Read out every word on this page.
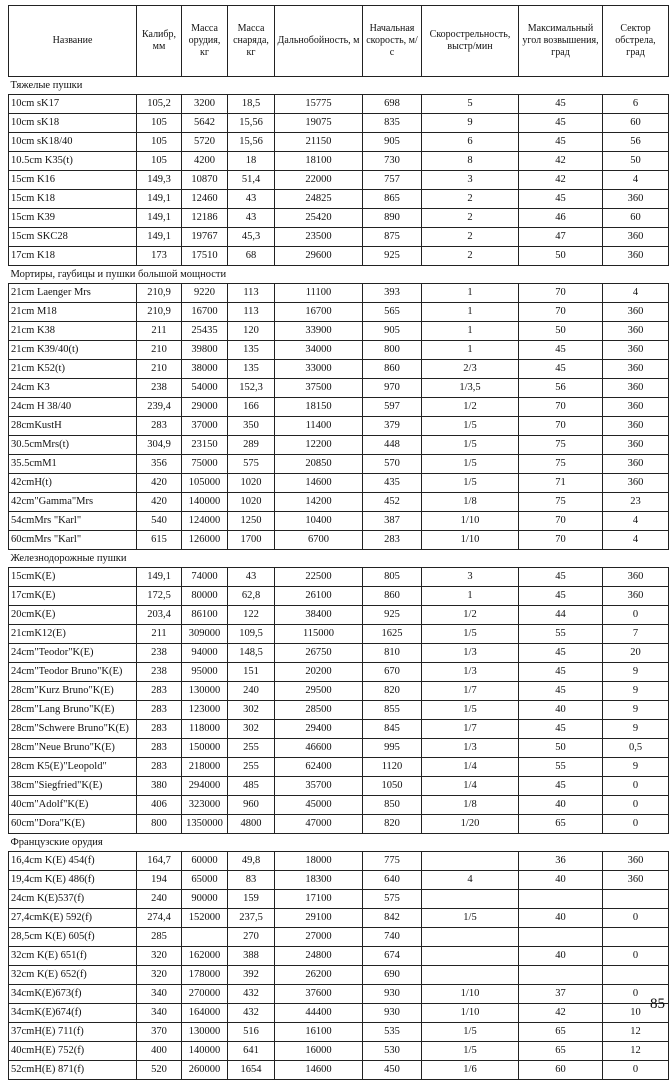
Название	Калибр, мм	Масса орудия, кг	Масса снаряда, кг	Дальнобойность, м	Начальная скорость, м/с	Скорострельность, выстр/мин	Максимальный угол возвышения, град	Сектор обстрела, град
Тяжелые пушки								
10cm sK17	105,2	3200	18,5	15775	698	5	45	6
10cm sK18	105	5642	15,56	19075	835	9	45	60
10cm sK18/40	105	5720	15,56	21150	905	6	45	56
10.5cm K35(t)	105	4200	18	18100	730	8	42	50
15cm K16	149,3	10870	51,4	22000	757	3	42	4
15cm K18	149,1	12460	43	24825	865	2	45	360
15cm K39	149,1	12186	43	25420	890	2	46	60
15cm SKC28	149,1	19767	45,3	23500	875	2	47	360
17cm K18	173	17510	68	29600	925	2	50	360
Мортиры, гаубицы и пушки большой мощности								
21cm Laenger Mrs	210,9	9220	113	11100	393	1	70	4
21cm M18	210,9	16700	113	16700	565	1	70	360
21cm K38	211	25435	120	33900	905	1	50	360
21cm K39/40(t)	210	39800	135	34000	800	1	45	360
21cm K52(t)	210	38000	135	33000	860	2/3	45	360
24cm K3	238	54000	152,3	37500	970	1/3,5	56	360
24cm H 38/40	239,4	29000	166	18150	597	1/2	70	360
28cmKustH	283	37000	350	11400	379	1/5	70	360
30.5cmMrs(t)	304,9	23150	289	12200	448	1/5	75	360
35.5cmM1	356	75000	575	20850	570	1/5	75	360
42cmH(t)	420	105000	1020	14600	435	1/5	71	360
42cm"Gamma"Mrs	420	140000	1020	14200	452	1/8	75	23
54cmMrs "Karl"	540	124000	1250	10400	387	1/10	70	4
60cmMrs "Karl"	615	126000	1700	6700	283	1/10	70	4
Железнодорожные пушки								
15cmK(E)	149,1	74000	43	22500	805	3	45	360
17cmK(E)	172,5	80000	62,8	26100	860	1	45	360
20cmK(E)	203,4	86100	122	38400	925	1/2	44	0
21cmK12(E)	211	309000	109,5	115000	1625	1/5	55	7
24cm"Teodor"K(E)	238	94000	148,5	26750	810	1/3	45	20
24cm"Teodor Bruno"K(E)	238	95000	151	20200	670	1/3	45	9
28cm"Kurz Bruno"K(E)	283	130000	240	29500	820	1/7	45	9
28cm"Lang Bruno"K(E)	283	123000	302	28500	855	1/5	40	9
28cm"Schwere Bruno"K(E)	283	118000	302	29400	845	1/7	45	9
28cm"Neue Bruno"K(E)	283	150000	255	46600	995	1/3	50	0,5
28cm K5(E)"Leopold"	283	218000	255	62400	1120	1/4	55	9
38cm"Siegfried"K(E)	380	294000	485	35700	1050	1/4	45	0
40cm"Adolf"K(E)	406	323000	960	45000	850	1/8	40	0
60cm"Dora"K(E)	800	1350000	4800	47000	820	1/20	65	0
Французские орудия								
16,4cm K(E) 454(f)	164,7	60000	49,8	18000	775		36	360
19,4cm K(E) 486(f)	194	65000	83	18300	640	4	40	360
24cm K(E)537(f)	240	90000	159	17100	575			
27,4cmK(E) 592(f)	274,4	152000	237,5	29100	842	1/5	40	0
28,5cm K(E) 605(f)	285		270	27000	740			
32cm K(E) 651(f)	320	162000	388	24800	674		40	0
32cm K(E) 652(f)	320	178000	392	26200	690			
34cmK(E)673(f)	340	270000	432	37600	930	1/10	37	0
34cmK(E)674(f)	340	164000	432	44400	930	1/10	42	10
37cmH(E) 711(f)	370	130000	516	16100	535	1/5	65	12
40cmH(E) 752(f)	400	140000	641	16000	530	1/5	65	12
52cmH(E) 871(f)	520	260000	1654	14600	450	1/6	60	0
85
